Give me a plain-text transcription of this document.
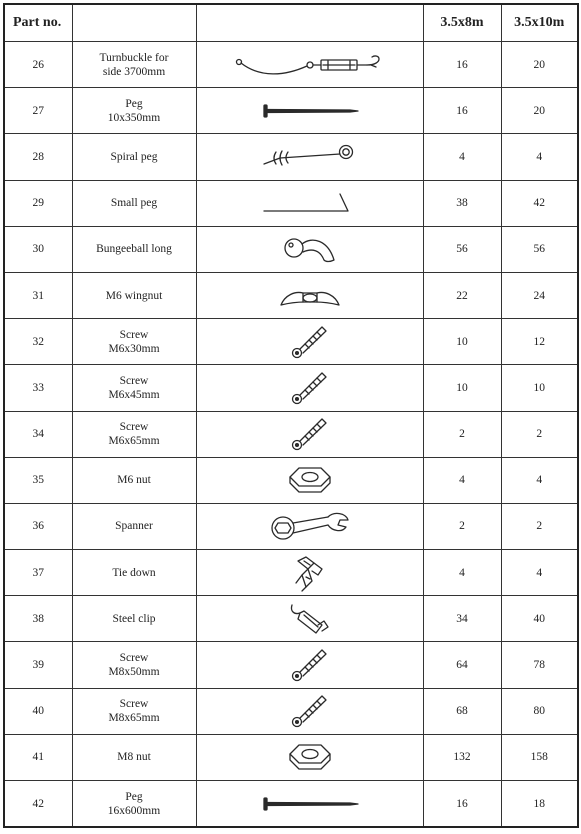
Part no.			3.5x8m	3.5x10m
26	Turnbuckle for
side 3700mm		16	20
27	Peg
10x350mm		16	20
28	Spiral peg		4	4
29	Small peg		38	42
30	Bungeeball long		56	56
31	M6 wingnut		22	24
32	Screw
M6x30mm		10	12
33	Screw
M6x45mm		10	10
34	Screw
M6x65mm		2	2
35	M6 nut		4	4
36	Spanner		2	2
37	Tie down		4	4
38	Steel clip		34	40
39	Screw
M8x50mm		64	78
40	Screw
M8x65mm		68	80
41	M8 nut		132	158
42	Peg
16x600mm		16	18
